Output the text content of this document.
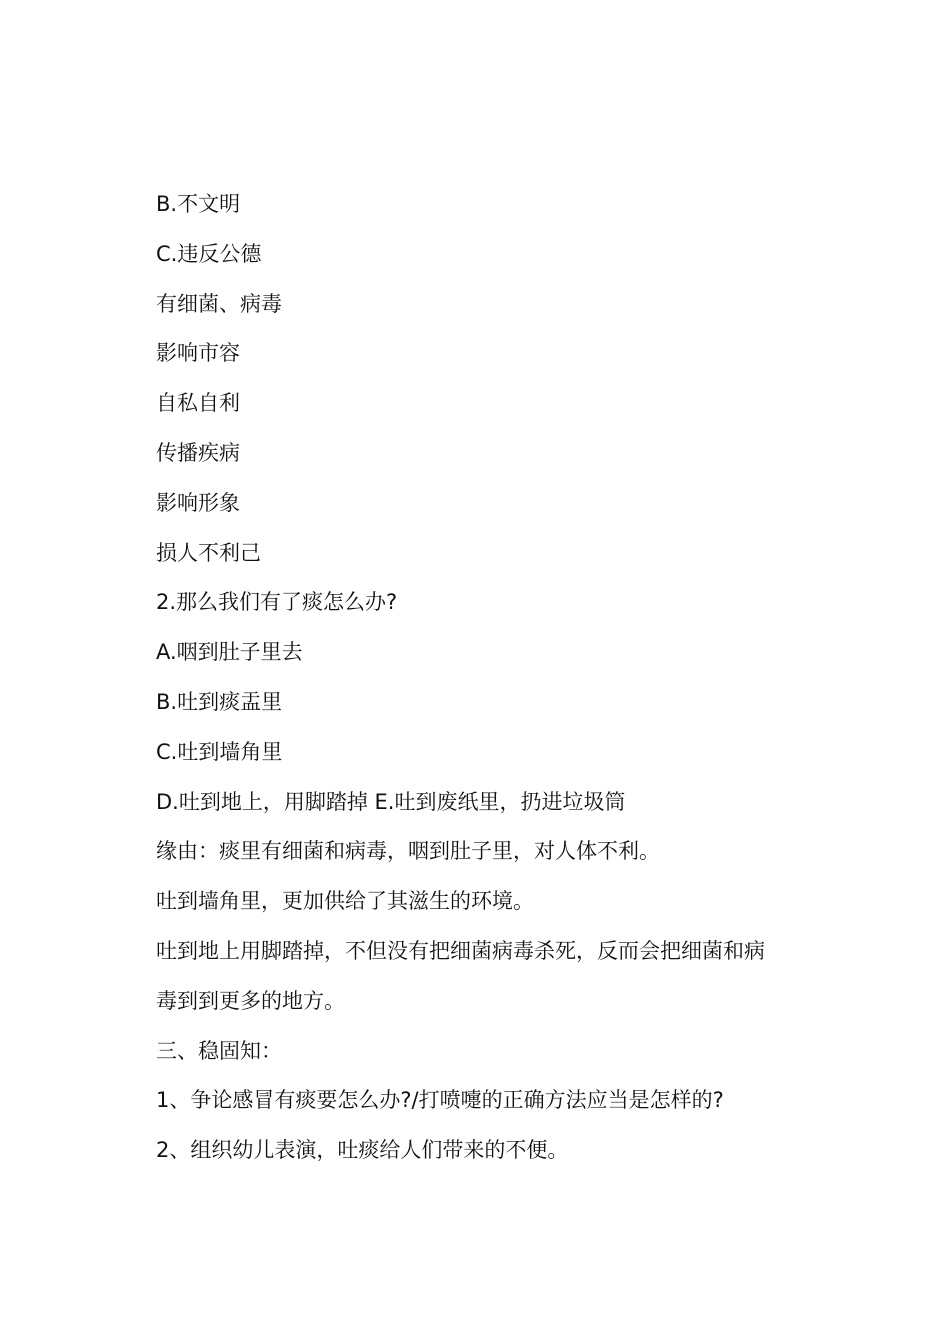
B.不文明

C.违反公德

有细菌、病毒

影响市容

自私自利

传播疾病

影响形象

损人不利己

2.那么我们有了痰怎么办?

A.咽到肚子里去

B.吐到痰盂里

C.吐到墙角里

D.吐到地上，用脚踏掉 E.吐到废纸里，扔进垃圾筒

缘由：痰里有细菌和病毒，咽到肚子里，对人体不利。

吐到墙角里，更加供给了其滋生的环境。

吐到地上用脚踏掉，不但没有把细菌病毒杀死，反而会把细菌和病

毒到到更多的地方。

三、稳固知：

1、争论感冒有痰要怎么办?/打喷嚏的正确方法应当是怎样的?

2、组织幼儿表演，吐痰给人们带来的不便。
